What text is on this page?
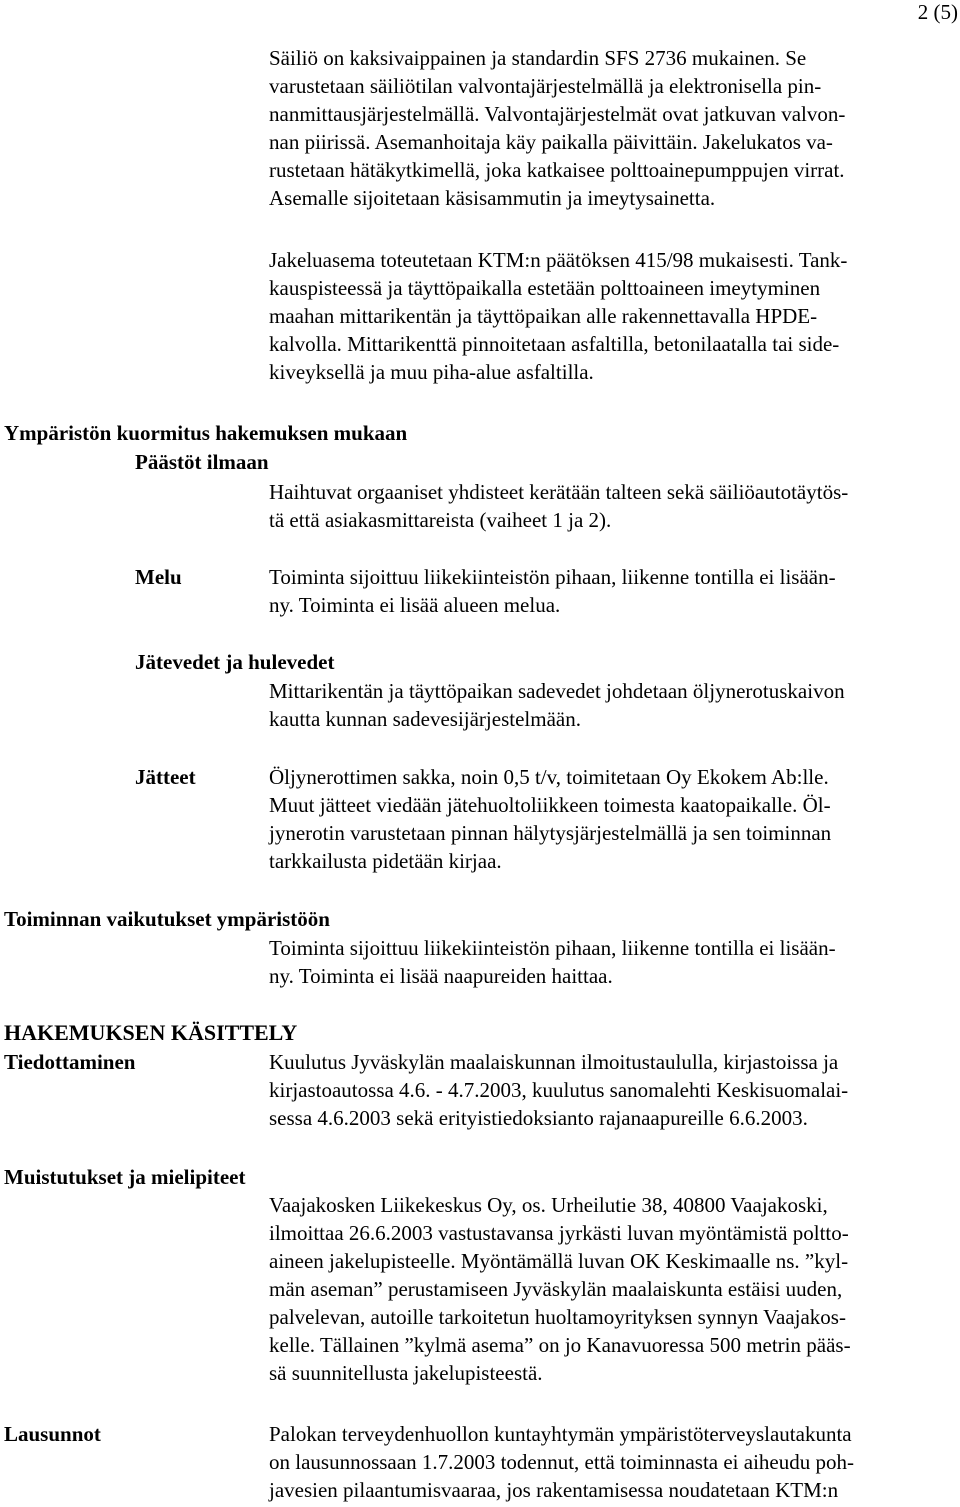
2 (5)
Säiliö on kaksivaippainen ja standardin SFS 2736 mukainen. Se
varustetaan säiliötilan valvontajärjestelmällä ja elektronisella pin-
nanmittausjärjestelmällä. Valvontajärjestelmät ovat jatkuvan valvon-
nan piirissä. Asemanhoitaja käy paikalla päivittäin. Jakelukatos va-
rustetaan hätäkytkimellä, joka katkaisee polttoainepumppujen virrat.
Asemalle sijoitetaan käsisammutin ja imeytysainetta.
Jakeluasema toteutetaan KTM:n päätöksen 415/98 mukaisesti. Tank-
kauspisteessä ja täyttöpaikalla estetään polttoaineen imeytyminen
maahan mittarikentän ja täyttöpaikan alle rakennettavalla HPDE-
kalvolla. Mittarikenttä pinnoitetaan asfaltilla, betonilaatalla tai side-
kiveyksellä ja muu piha-alue asfaltilla.
Ympäristön kuormitus hakemuksen mukaan
Päästöt ilmaan
Haihtuvat orgaaniset yhdisteet kerätään talteen sekä säiliöautotäytös-
tä että asiakasmittareista (vaiheet 1 ja 2).
Melu	Toiminta sijoittuu liikekiinteistön pihaan, liikenne tontilla ei lisään-
ny. Toiminta ei lisää alueen melua.
Jätevedet ja hulevedet
Mittarikentän ja täyttöpaikan sadevedet johdetaan öljynerotuskaivon
kautta kunnan sadevesijärjestelmään.
Jätteet	Öljynerottimen sakka, noin 0,5 t/v, toimitetaan Oy Ekokem Ab:lle.
Muut jätteet viedään jätehuoltoliikkeen toimesta kaatopaikalle. Öl-
jynerotin varustetaan pinnan hälytysjärjestelmällä ja sen toiminnan
tarkkailusta pidetään kirjaa.
Toiminnan vaikutukset ympäristöön
Toiminta sijoittuu liikekiinteistön pihaan, liikenne tontilla ei lisään-
ny. Toiminta ei lisää naapureiden haittaa.
HAKEMUKSEN KÄSITTELY
Tiedottaminen	Kuulutus Jyväskylän maalaiskunnan ilmoitustaululla, kirjastoissa ja
kirjastoautossa 4.6. - 4.7.2003, kuulutus sanomalehti Keskisuomalai-
sessa 4.6.2003 sekä erityistiedoksianto rajanaapureille 6.6.2003.
Muistutukset ja mielipiteet
Vaajakosken Liikekeskus Oy, os. Urheilutie 38, 40800 Vaajakoski,
ilmoittaa 26.6.2003 vastustavansa jyrkästi luvan myöntämistä poltto-
aineen jakelupisteelle. Myöntämällä luvan OK Keskimaalle ns. ”kyl-
män aseman” perustamiseen Jyväskylän maalaiskunta estäisi uuden,
palvelevan, autoille tarkoitetun huoltamoyrityksen synnyn Vaajakos-
kelle. Tällainen ”kylmä asema” on jo Kanavuoressa 500 metrin pääs-
sä suunnitellusta jakelupisteestä.
Lausunnot	Palokan terveydenhuollon kuntayhtymän ympäristöterveyslautakunta
on lausunnossaan 1.7.2003 todennut, että toiminnasta ei aiheudu poh-
javesien pilaantumisvaaraa, jos rakentamisessa noudatetaan KTM:n
